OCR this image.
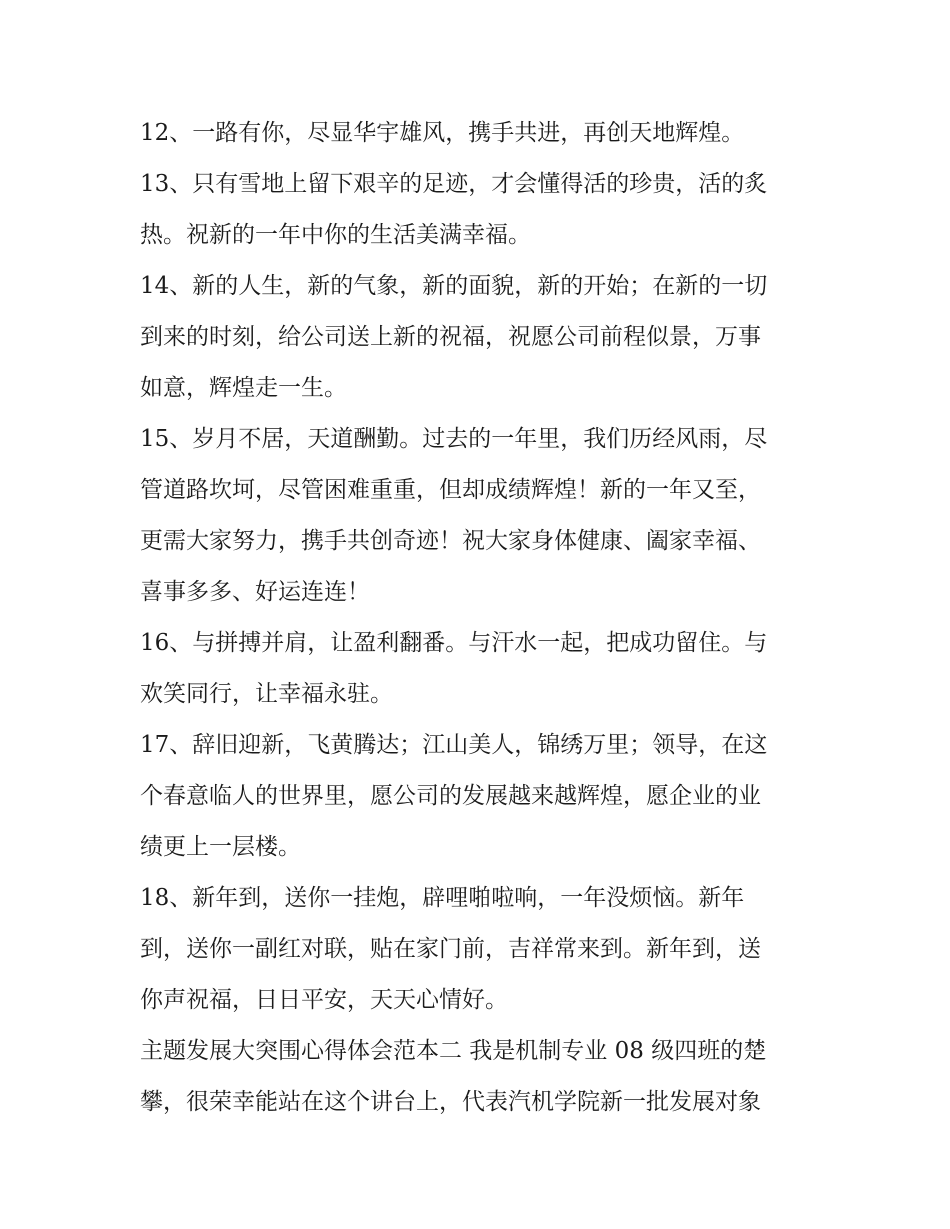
12、一路有你，尽显华宇雄风，携手共进，再创天地辉煌。
13、只有雪地上留下艰辛的足迹，才会懂得活的珍贵，活的炙
热。祝新的一年中你的生活美满幸福。
14、新的人生，新的气象，新的面貌，新的开始；在新的一切
到来的时刻，给公司送上新的祝福，祝愿公司前程似景，万事
如意，辉煌走一生。
15、岁月不居，天道酬勤。过去的一年里，我们历经风雨，尽
管道路坎坷，尽管困难重重，但却成绩辉煌！新的一年又至，
更需大家努力，携手共创奇迹！祝大家身体健康、阖家幸福、
喜事多多、好运连连！
16、与拼搏并肩，让盈利翻番。与汗水一起，把成功留住。与
欢笑同行，让幸福永驻。
17、辞旧迎新，飞黄腾达；江山美人，锦绣万里；领导，在这
个春意临人的世界里，愿公司的发展越来越辉煌，愿企业的业
绩更上一层楼。
18、新年到，送你一挂炮，辟哩啪啦响，一年没烦恼。新年
到，送你一副红对联，贴在家门前，吉祥常来到。新年到，送
你声祝福，日日平安，天天心情好。
主题发展大突围心得体会范本二 我是机制专业 08 级四班的楚
攀，很荣幸能站在这个讲台上，代表汽机学院新一批发展对象
